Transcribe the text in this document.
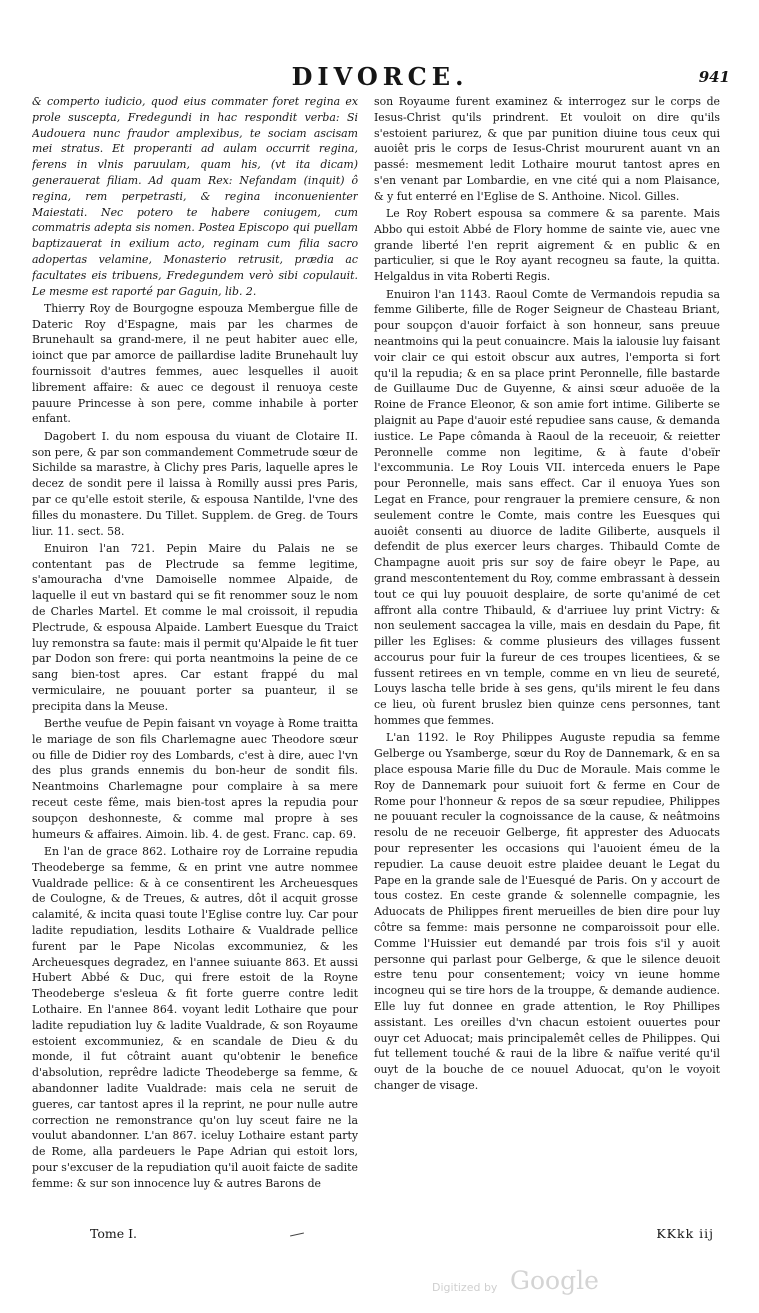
DIVORCE.	941

& comperto iudicio, quod eius commater foret regina ex prole suscepta, Fredegundi in hac respondit verba: Si Audouera nunc fraudor amplexibus, te sociam ascisam mei stratus. Et properanti ad aulam occurrit regina, ferens in vlnis paruulam, quam his, (vt ita dicam) generauerat filiam. Ad quam Rex: Nefandam (inquit) ô regina, rem perpetrasti, & regina inconuenienter Maiestati. Nec potero te habere coniugem, cum commatris adepta sis nomen. Postea Episcopo qui puellam baptizauerat in exilium acto, reginam cum filia sacro adopertas velamine, Monasterio retrusit, prædia ac facultates eis tribuens, Fredegundem verò sibi copulauit. Le mesme est raporté par Gaguin, lib. 2.

Thierry Roy de Bourgogne espouza Membergue fille de Dateric Roy d'Espagne, mais par les charmes de Brunehault sa grand-mere, il ne peut habiter auec elle, ioinct que par amorce de paillardise ladite Brunehault luy fournissoit d'autres femmes, auec lesquelles il auoit librement affaire: & auec ce degoust il renuoya ceste pauure Princesse à son pere, comme inhabile à porter enfant.

Dagobert I. du nom espousa du viuant de Clotaire II. son pere, & par son commandement Commetrude sœur de Sichilde sa marastre, à Clichy pres Paris, laquelle apres le decez de sondit pere il laissa à Romilly aussi pres Paris, par ce qu'elle estoit sterile, & espousa Nantilde, l'vne des filles du monastere. Du Tillet. Supplem. de Greg. de Tours liur. 11. sect. 58.

Enuiron l'an 721. Pepin Maire du Palais ne se contentant pas de Plectrude sa femme legitime, s'amouracha d'vne Damoiselle nommee Alpaide, de laquelle il eut vn bastard qui se fit renommer souz le nom de Charles Martel. Et comme le mal croissoit, il repudia Plectrude, & espousa Alpaide. Lambert Euesque du Traict luy remonstra sa faute: mais il permit qu'Alpaide le fit tuer par Dodon son frere: qui porta neantmoins la peine de ce sang bien-tost apres. Car estant frappé du mal vermiculaire, ne pouuant porter sa puanteur, il se precipita dans la Meuse.

Berthe veufue de Pepin faisant vn voyage à Rome traitta le mariage de son fils Charlemagne auec Theodore sœur ou fille de Didier roy des Lombards, c'est à dire, auec l'vn des plus grands ennemis du bon-heur de sondit fils. Neantmoins Charlemagne pour complaire à sa mere receut ceste fême, mais bien-tost apres la repudia pour soupçon deshonneste, & comme mal propre à ses humeurs & affaires. Aimoin. lib. 4. de gest. Franc. cap. 69.

En l'an de grace 862. Lothaire roy de Lorraine repudia Theodeberge sa femme, & en print vne autre nommee Vualdrade pellice: & à ce consentirent les Archeuesques de Coulogne, & de Treues, & autres, dôt il acquit grosse calamité, & incita quasi toute l'Eglise contre luy. Car pour ladite repudiation, lesdits Lothaire & Vualdrade pellice furent par le Pape Nicolas excommuniez, & les Archeuesques degradez, en l'annee suiuante 863. Et aussi Hubert Abbé & Duc, qui frere estoit de la Royne Theodeberge s'esleua & fit forte guerre contre ledit Lothaire. En l'annee 864. voyant ledit Lothaire que pour ladite repudiation luy & ladite Vualdrade, & son Royaume estoient excommuniez, & en scandale de Dieu & du monde, il fut côtraint auant qu'obtenir le benefice d'absolution, reprêdre ladicte Theodeberge sa femme, & abandonner ladite Vualdrade: mais cela ne seruit de gueres, car tantost apres il la reprint, ne pour nulle autre correction ne remonstrance qu'on luy sceut faire ne la voulut abandonner. L'an 867. iceluy Lothaire estant party de Rome, alla pardeuers le Pape Adrian qui estoit lors, pour s'excuser de la repudiation qu'il auoit faicte de sadite femme: & sur son innocence luy & autres Barons de

son Royaume furent examinez & interrogez sur le corps de Iesus-Christ qu'ils prindrent. Et vouloit on dire qu'ils s'estoient pariurez, & que par punition diuine tous ceux qui auoiêt pris le corps de Iesus-Christ moururent auant vn an passé: mesmement ledit Lothaire mourut tantost apres en s'en venant par Lombardie, en vne cité qui a nom Plaisance, & y fut enterré en l'Eglise de S. Anthoine. Nicol. Gilles.

Le Roy Robert espousa sa commere & sa parente. Mais Abbo qui estoit Abbé de Flory homme de sainte vie, auec vne grande liberté l'en reprit aigrement & en public & en particulier, si que le Roy ayant recogneu sa faute, la quitta. Helgaldus in vita Roberti Regis.

Enuiron l'an 1143. Raoul Comte de Vermandois repudia sa femme Giliberte, fille de Roger Seigneur de Chasteau Briant, pour soupçon d'auoir forfaict à son honneur, sans preuue neantmoins qui la peut conuaincre. Mais la ialousie luy faisant voir clair ce qui estoit obscur aux autres, l'emporta si fort qu'il la repudia; & en sa place print Peronnelle, fille bastarde de Guillaume Duc de Guyenne, & ainsi sœur aduoëe de la Roine de France Eleonor, & son amie fort intime. Giliberte se plaignit au Pape d'auoir esté repudiee sans cause, & demanda iustice. Le Pape cômanda à Raoul de la receuoir, & reietter Peronnelle comme non legitime, & à faute d'obeïr l'excommunia. Le Roy Louis VII. interceda enuers le Pape pour Peronnelle, mais sans effect. Car il enuoya Yues son Legat en France, pour rengrauer la premiere censure, & non seulement contre le Comte, mais contre les Euesques qui auoiêt consenti au diuorce de ladite Giliberte, ausquels il defendit de plus exercer leurs charges. Thibauld Comte de Champagne auoit pris sur soy de faire obeyr le Pape, au grand mescontentement du Roy, comme embrassant à dessein tout ce qui luy pouuoit desplaire, de sorte qu'animé de cet affront alla contre Thibauld, & d'arriuee luy print Victry: & non seulement saccagea la ville, mais en desdain du Pape, fit piller les Eglises: & comme plusieurs des villages fussent accourus pour fuir la fureur de ces troupes licentiees, & se fussent retirees en vn temple, comme en vn lieu de seureté, Louys lascha telle bride à ses gens, qu'ils mirent le feu dans ce lieu, où furent bruslez bien quinze cens personnes, tant hommes que femmes.

L'an 1192. le Roy Philippes Auguste repudia sa femme Gelberge ou Ysamberge, sœur du Roy de Dannemark, & en sa place espousa Marie fille du Duc de Moraule. Mais comme le Roy de Dannemark pour suiuoit fort & ferme en Cour de Rome pour l'honneur & repos de sa sœur repudiee, Philippes ne pouuant reculer la cognoissance de la cause, & neâtmoins resolu de ne receuoir Gelberge, fit apprester des Aduocats pour representer les occasions qui l'auoient émeu de la repudier. La cause deuoit estre plaidee deuant le Legat du Pape en la grande sale de l'Euesqué de Paris. On y accourt de tous costez. En ceste grande & solennelle compagnie, les Aduocats de Philippes firent merueilles de bien dire pour luy côtre sa femme: mais personne ne comparoissoit pour elle. Comme l'Huissier eut demandé par trois fois s'il y auoit personne qui parlast pour Gelberge, & que le silence deuoit estre tenu pour consentement; voicy vn ieune homme incogneu qui se tire hors de la trouppe, & demande audience. Elle luy fut donnee en grade attention, le Roy Phillipes assistant. Les oreilles d'vn chacun estoient ouuertes pour ouyr cet Aduocat; mais principalemêt celles de Philippes. Qui fut tellement touché & raui de la libre & naïfue verité qu'il ouyt de la bouche de ce nouuel Aduocat, qu'on le voyoit changer de visage.

Tome I.	KKkk iij
Digitized by Google
